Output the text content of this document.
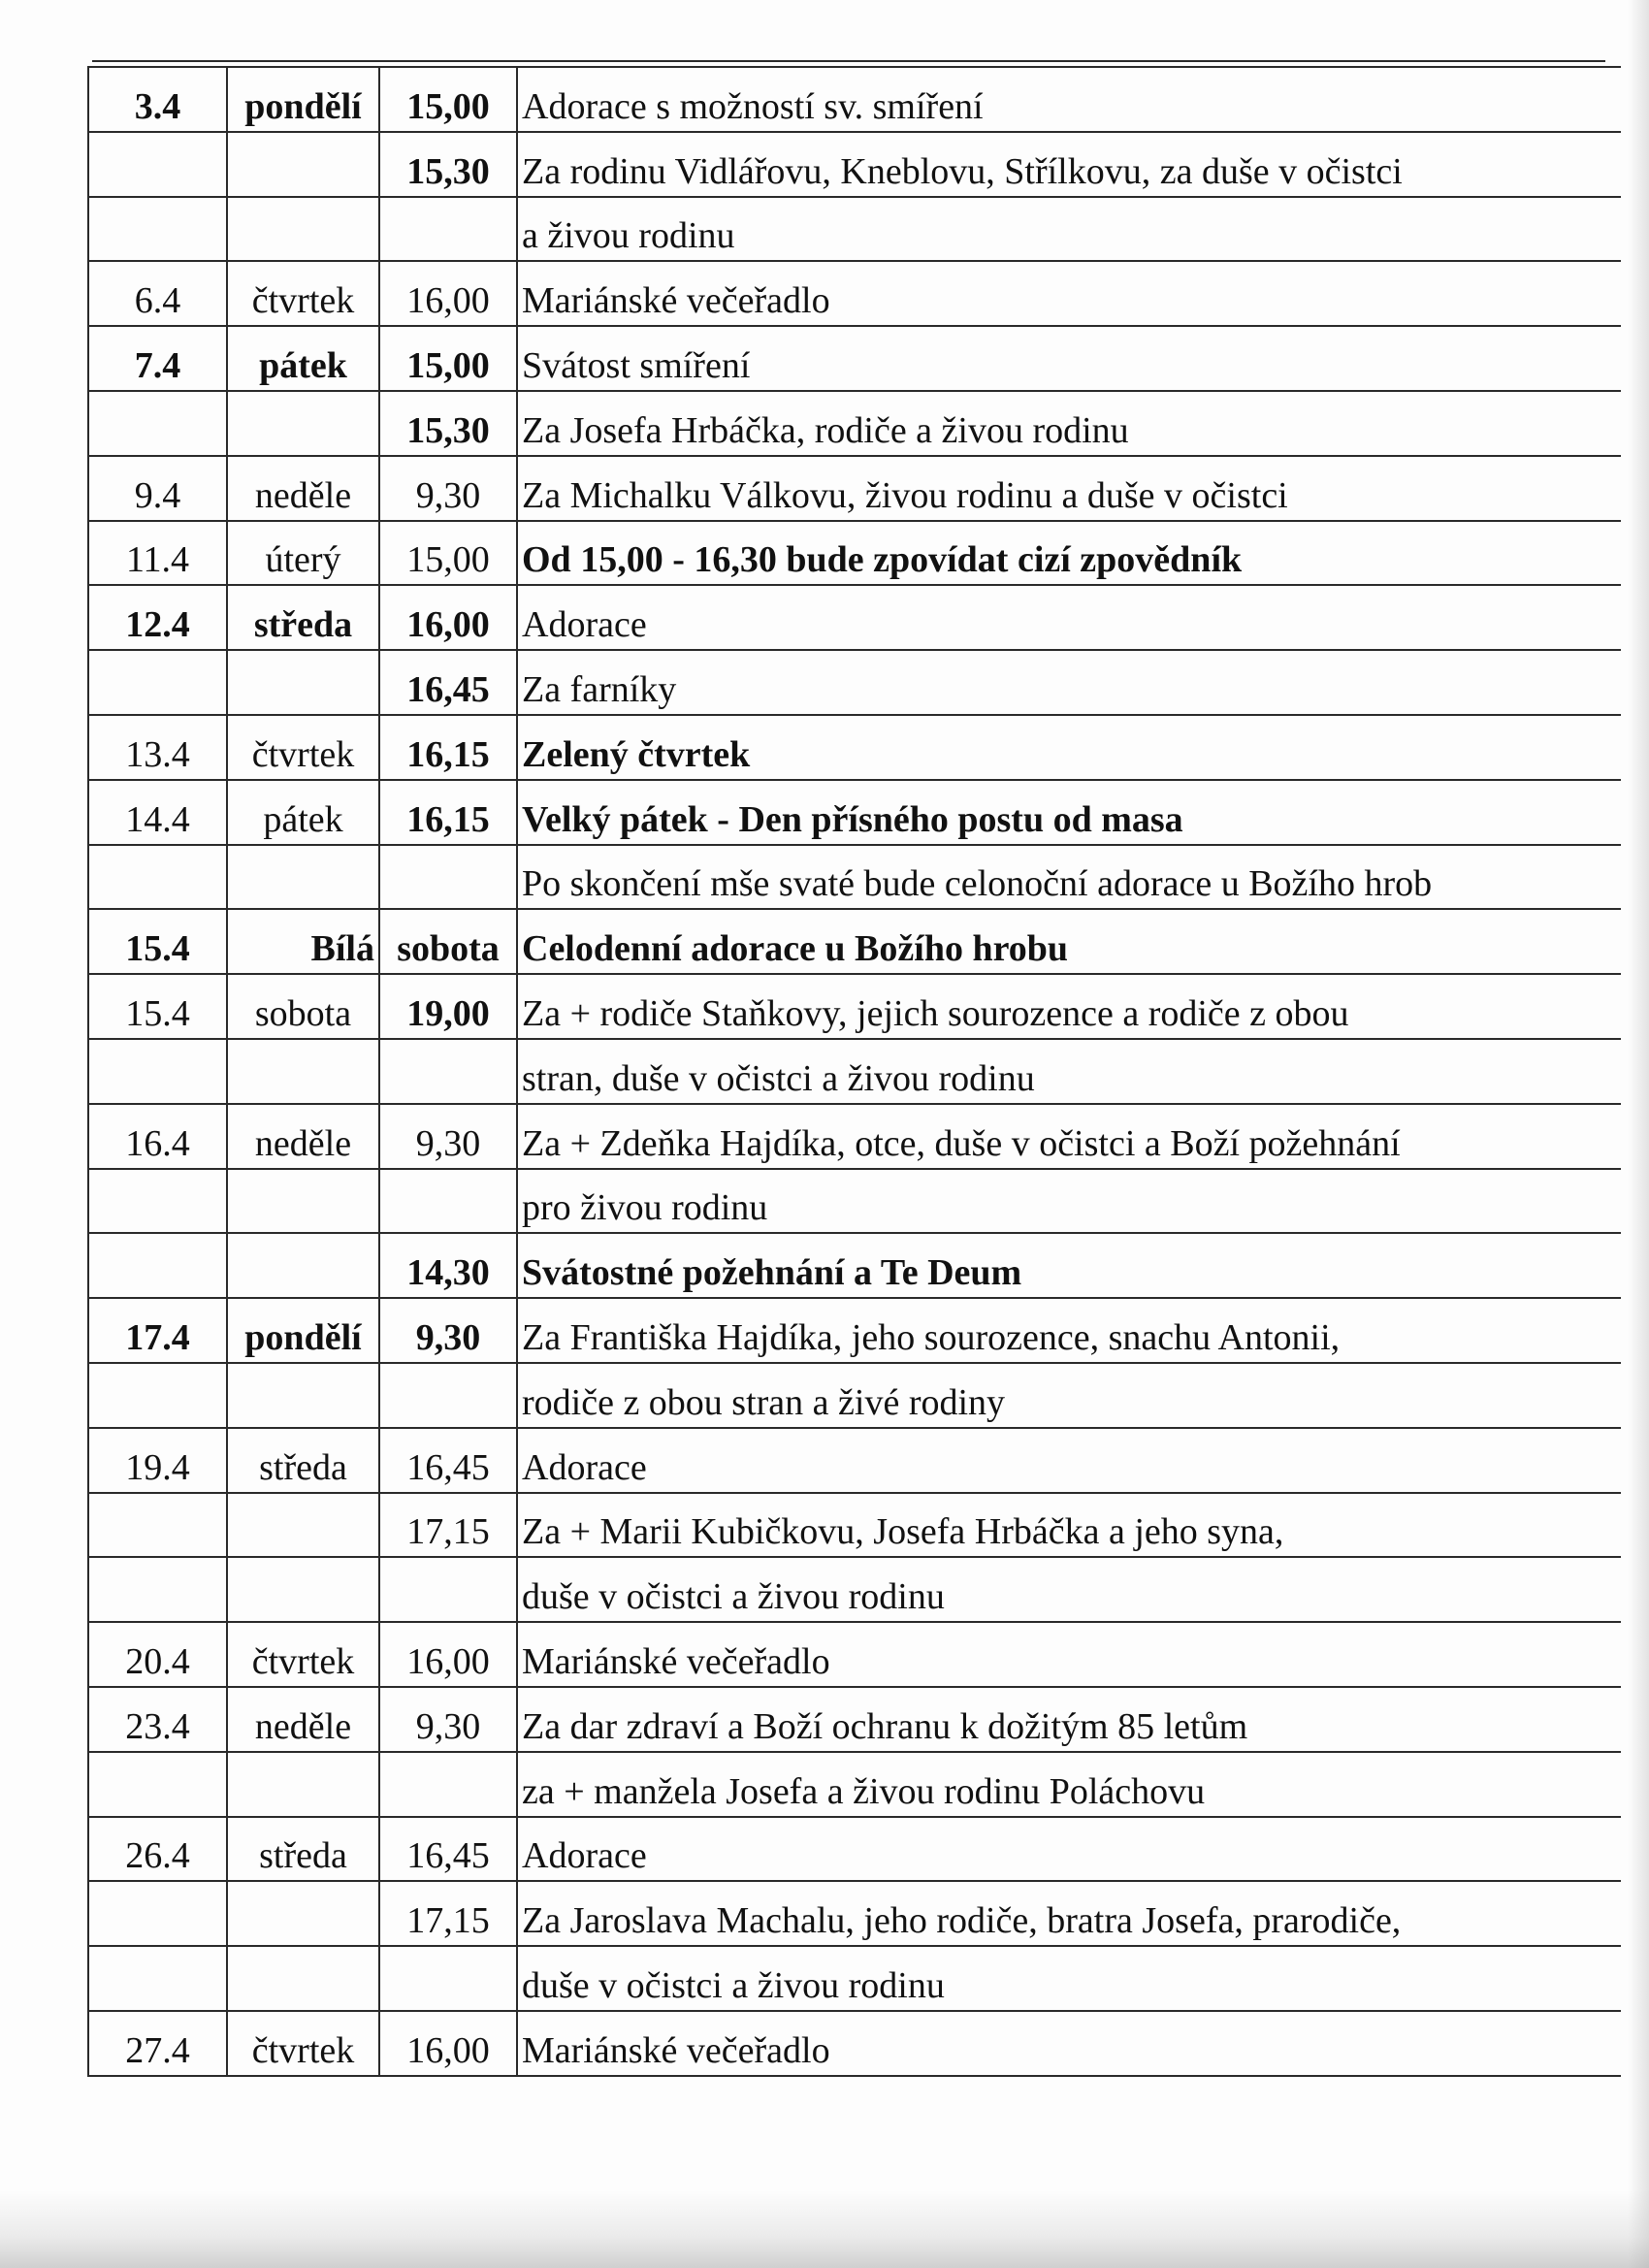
3.4	pondělí	15,00	Adorace s možností sv. smíření
		15,30	Za rodinu Vidlářovu, Kneblovu, Střílkovu, za duše v očistci
			a živou rodinu
6.4	čtvrtek	16,00	Mariánské večeřadlo
7.4	pátek	15,00	Svátost smíření
		15,30	Za Josefa Hrbáčka, rodiče a živou rodinu
9.4	neděle	9,30	Za Michalku Válkovu, živou rodinu a duše v očistci
11.4	úterý	15,00	Od 15,00 - 16,30 bude zpovídat cizí zpovědník
12.4	středa	16,00	Adorace
		16,45	Za farníky
13.4	čtvrtek	16,15	Zelený čtvrtek
14.4	pátek	16,15	Velký pátek - Den přísného postu od masa
			Po skončení mše svaté bude celonoční adorace u Božího hrob
15.4	Bílá	sobota	Celodenní adorace u Božího hrobu
15.4	sobota	19,00	Za + rodiče Staňkovy, jejich sourozence a rodiče z obou
			stran, duše v očistci a živou rodinu
16.4	neděle	9,30	Za + Zdeňka Hajdíka, otce, duše v očistci a Boží požehnání
			pro živou rodinu
		14,30	Svátostné požehnání a Te Deum
17.4	pondělí	9,30	Za Františka Hajdíka, jeho sourozence, snachu Antonii,
			rodiče z obou stran a živé rodiny
19.4	středa	16,45	Adorace
		17,15	Za + Marii Kubičkovu, Josefa Hrbáčka a jeho syna,
			duše v očistci a živou rodinu
20.4	čtvrtek	16,00	Mariánské večeřadlo
23.4	neděle	9,30	Za dar zdraví a Boží ochranu k dožitým 85 letům
			za + manžela Josefa a živou rodinu Poláchovu
26.4	středa	16,45	Adorace
		17,15	Za Jaroslava Machalu, jeho rodiče, bratra Josefa, prarodiče,
			duše v očistci a živou rodinu
27.4	čtvrtek	16,00	Mariánské večeřadlo
